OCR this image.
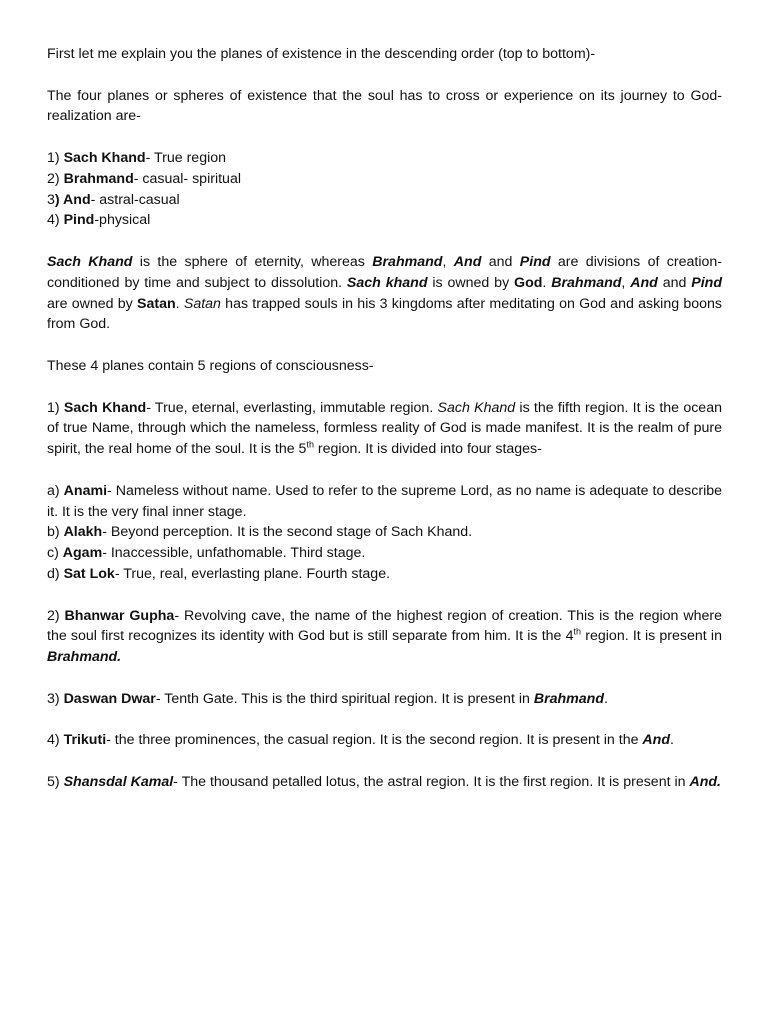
First let me explain you the planes of existence in the descending order (top to bottom)-

The four planes or spheres of existence that the soul has to cross or experience on its journey to God-realization are-

1) Sach Khand- True region
2) Brahmand- casual- spiritual
3) And- astral-casual
4) Pind-physical

Sach Khand is the sphere of eternity, whereas Brahmand, And and Pind are divisions of creation- conditioned by time and subject to dissolution. Sach khand is owned by God. Brahmand, And and Pind are owned by Satan. Satan has trapped souls in his 3 kingdoms after meditating on God and asking boons from God.

These 4 planes contain 5 regions of consciousness-

1) Sach Khand- True, eternal, everlasting, immutable region. Sach Khand is the fifth region. It is the ocean of true Name, through which the nameless, formless reality of God is made manifest. It is the realm of pure spirit, the real home of the soul. It is the 5th region. It is divided into four stages-

a) Anami- Nameless without name. Used to refer to the supreme Lord, as no name is adequate to describe it. It is the very final inner stage.

b) Alakh- Beyond perception. It is the second stage of Sach Khand.

c) Agam- Inaccessible, unfathomable. Third stage.

d) Sat Lok- True, real, everlasting plane. Fourth stage.

2) Bhanwar Gupha- Revolving cave, the name of the highest region of creation. This is the region where the soul first recognizes its identity with God but is still separate from him. It is the 4th region. It is present in Brahmand.

3) Daswan Dwar- Tenth Gate. This is the third spiritual region. It is present in Brahmand.

4) Trikuti- the three prominences, the casual region. It is the second region. It is present in the And.

5) Shansdal Kamal- The thousand petalled lotus, the astral region. It is the first region. It is present in And.
